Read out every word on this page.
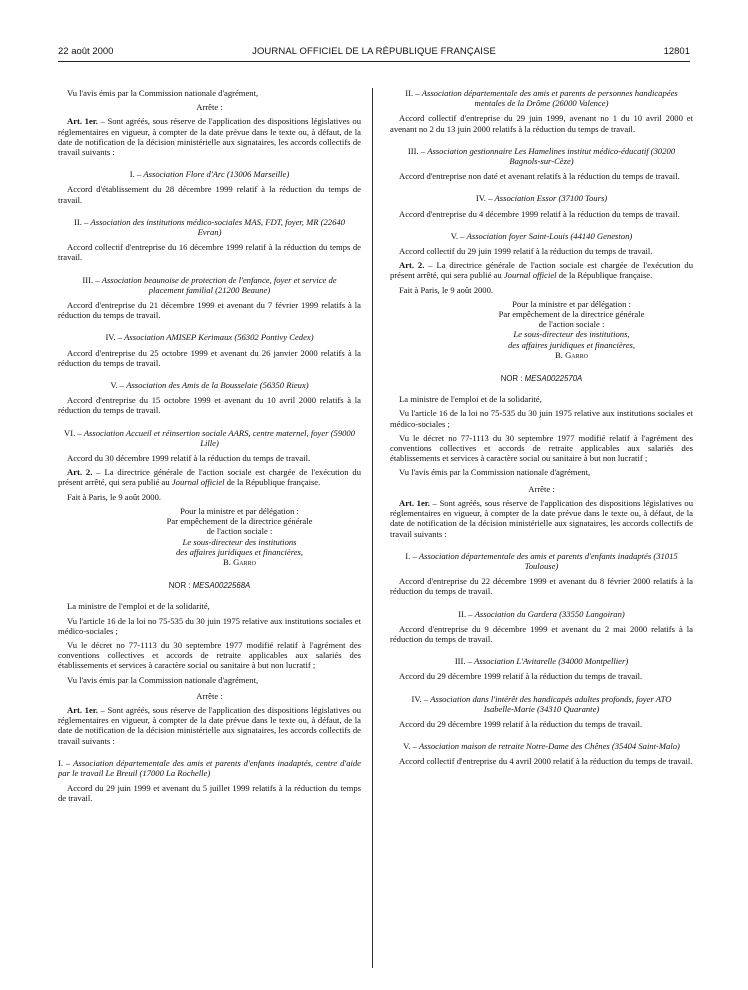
22 août 2000	JOURNAL OFFICIEL DE LA RÉPUBLIQUE FRANÇAISE	12801

Vu l'avis émis par la Commission nationale d'agrément,

Arrête :

Art. 1er. – Sont agréés, sous réserve de l'application des dispositions législatives ou réglementaires en vigueur, à compter de la date prévue dans le texte ou, à défaut, de la date de notification de la décision ministérielle aux signataires, les accords collectifs de travail suivants :

I. – Association Flore d'Arc (13006 Marseille)

Accord d'établissement du 28 décembre 1999 relatif à la réduction du temps de travail.

II. – Association des institutions médico-sociales MAS, FDT, foyer, MR (22640 Evran)

Accord collectif d'entreprise du 16 décembre 1999 relatif à la réduction du temps de travail.

III. – Association beaunoise de protection de l'enfance, foyer et service de placement familial (21200 Beaune)

Accord d'entreprise du 21 décembre 1999 et avenant du 7 février 1999 relatifs à la réduction du temps de travail.

IV. – Association AMISEP Kerimaux (56302 Pontivy Cedex)

Accord d'entreprise du 25 octobre 1999 et avenant du 26 janvier 2000 relatifs à la réduction du temps de travail.

V. – Association des Amis de la Bousselaie (56350 Rieux)

Accord d'entreprise du 15 octobre 1999 et avenant du 10 avril 2000 relatifs à la réduction du temps de travail.

VI. – Association Accueil et réinsertion sociale AARS, centre maternel, foyer (59000 Lille)

Accord du 30 décembre 1999 relatif à la réduction du temps de travail.

Art. 2. – La directrice générale de l'action sociale est chargée de l'exécution du présent arrêté, qui sera publié au Journal officiel de la République française.

Fait à Paris, le 9 août 2000.

Pour la ministre et par délégation :
Par empêchement de la directrice générale
de l'action sociale :
Le sous-directeur des institutions
des affaires juridiques et financières,
B. Garro
NOR : MESA0022568A

La ministre de l'emploi et de la solidarité,

Vu l'article 16 de la loi no 75-535 du 30 juin 1975 relative aux institutions sociales et médico-sociales ;

Vu le décret no 77-1113 du 30 septembre 1977 modifié relatif à l'agrément des conventions collectives et accords de retraite applicables aux salariés des établissements et services à caractère social ou sanitaire à but non lucratif ;

Vu l'avis émis par la Commission nationale d'agrément,

Arrête :

Art. 1er. – Sont agréés, sous réserve de l'application des dispositions législatives ou réglementaires en vigueur, à compter de la date prévue dans le texte ou, à défaut, de la date de notification de la décision ministérielle aux signataires, les accords collectifs de travail suivants :

I. – Association départementale des amis et parents d'enfants inadaptés, centre d'aide par le travail Le Breuil (17000 La Rochelle)

Accord du 29 juin 1999 et avenant du 5 juillet 1999 relatifs à la réduction du temps de travail.

II. – Association départementale des amis et parents de personnes handicapées mentales de la Drôme (26000 Valence)

Accord collectif d'entreprise du 29 juin 1999, avenant no 1 du 10 avril 2000 et avenant no 2 du 13 juin 2000 relatifs à la réduction du temps de travail.

III. – Association gestionnaire Les Hamelines institut médico-éducatif (30200 Bagnols-sur-Cèze)

Accord d'entreprise non daté et avenant relatifs à la réduction du temps de travail.

IV. – Association Essor (37100 Tours)

Accord d'entreprise du 4 décembre 1999 relatif à la réduction du temps de travail.

V. – Association foyer Saint-Louis (44140 Geneston)

Accord collectif du 29 juin 1999 relatif à la réduction du temps de travail.

Art. 2. – La directrice générale de l'action sociale est chargée de l'exécution du présent arrêté, qui sera publié au Journal officiel de la République française.

Fait à Paris, le 9 août 2000.

Pour la ministre et par délégation :
Par empêchement de la directrice générale
de l'action sociale :
Le sous-directeur des institutions,
des affaires juridiques et financières,
B. Garro
NOR : MESA0022570A

La ministre de l'emploi et de la solidarité,

Vu l'article 16 de la loi no 75-535 du 30 juin 1975 relative aux institutions sociales et médico-sociales ;

Vu le décret no 77-1113 du 30 septembre 1977 modifié relatif à l'agrément des conventions collectives et accords de retraite applicables aux salariés des établissements et services à caractère social ou sanitaire à but non lucratif ;

Vu l'avis émis par la Commission nationale d'agrément,

Arrête :

Art. 1er. – Sont agréés, sous réserve de l'application des dispositions législatives ou réglementaires en vigueur, à compter de la date prévue dans le texte ou, à défaut, de la date de notification de la décision ministérielle aux signataires, les accords collectifs de travail suivants :

I. – Association départementale des amis et parents d'enfants inadaptés (31015 Toulouse)

Accord d'entreprise du 22 décembre 1999 et avenant du 8 février 2000 relatifs à la réduction du temps de travail.

II. – Association du Gardera (33550 Langoiran)

Accord d'entreprise du 9 décembre 1999 et avenant du 2 mai 2000 relatifs à la réduction du temps de travail.

III. – Association L'Avitarelle (34000 Montpellier)

Accord du 29 décembre 1999 relatif à la réduction du temps de travail.

IV. – Association dans l'intérêt des handicapés adultes profonds, foyer ATO Isabelle-Marie (34310 Quarante)

Accord du 29 décembre 1999 relatif à la réduction du temps de travail.

V. – Association maison de retraite Notre-Dame des Chênes (35404 Saint-Malo)

Accord collectif d'entreprise du 4 avril 2000 relatif à la réduction du temps de travail.
